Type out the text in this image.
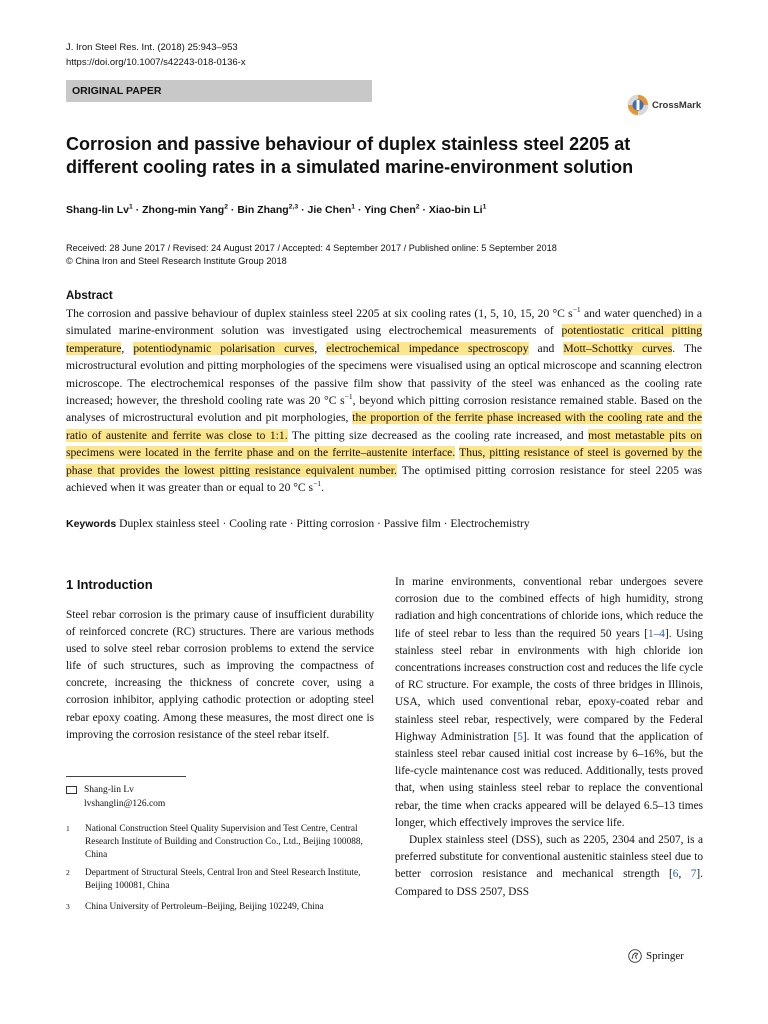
J. Iron Steel Res. Int. (2018) 25:943–953
https://doi.org/10.1007/s42243-018-0136-x
ORIGINAL PAPER
CrossMark
Corrosion and passive behaviour of duplex stainless steel 2205 at different cooling rates in a simulated marine-environment solution
Shang-lin $Lv^1$ · Zhong-min Yang$^2$ · Bin Zhang$^{2,3}$ · Jie Chen$^1$ · Ying Chen$^2$ · Xiao-bin Li$^1$
Received: 28 June 2017 / Revised: 24 August 2017 / Accepted: 4 September 2017 / Published online: 5 September 2018
© China Iron and Steel Research Institute Group 2018
Abstract

The corrosion and passive behaviour of duplex stainless steel 2205 at six cooling rates (1, 5, 10, 15, 20 °C $s^{-1}$ and water quenched) in a simulated marine-environment solution was investigated using electrochemical measurements of potentiostatic critical pitting temperature, potentiodynamic polarisation curves, electrochemical impedance spectroscopy and Mott–Schottky curves. The microstructural evolution and pitting morphologies of the specimens were visualised using an optical microscope and scanning electron microscope. The electrochemical responses of the passive film show that passivity of the steel was enhanced as the cooling rate increased; however, the threshold cooling rate was 20 °C $s^{-1}$, beyond which pitting corrosion resistance remained stable. Based on the analyses of microstructural evolution and pit morphologies, the proportion of the ferrite phase increased with the cooling rate and the ratio of austenite and ferrite was close to 1:1. The pitting size decreased as the cooling rate increased, and most metastable pits on specimens were located in the ferrite phase and on the ferrite–austenite interface. Thus, pitting resistance of steel is governed by the phase that provides the lowest pitting resistance equivalent number. The optimised pitting corrosion resistance for steel 2205 was achieved when it was greater than or equal to 20 °C $s^{-1}$.

Keywords Duplex stainless steel · Cooling rate · Pitting corrosion · Passive film · Electrochemistry
1 Introduction

Steel rebar corrosion is the primary cause of insufficient durability of reinforced concrete (RC) structures. There are various methods used to solve steel rebar corrosion problems to extend the service life of such structures, such as improving the compactness of concrete, increasing the thickness of concrete cover, using a corrosion inhibitor, applying cathodic protection or adopting steel rebar epoxy coating. Among these measures, the most direct one is improving the corrosion resistance of the steel rebar itself.

Shang-lin Lv
lvshanglin@126.com
1	National Construction Steel Quality Supervision and Test Centre, Central Research Institute of Building and Construction Co., Ltd., Beijing 100088, China
2	Department of Structural Steels, Central Iron and Steel Research Institute, Beijing 100081, China
3	China University of Pertroleum–Beijing, Beijing 102249, China

In marine environments, conventional rebar undergoes severe corrosion due to the combined effects of high humidity, strong radiation and high concentrations of chloride ions, which reduce the life of steel rebar to less than the required 50 years [1–4]. Using stainless steel rebar in environments with high chloride ion concentrations increases construction cost and reduces the life cycle of RC structure. For example, the costs of three bridges in Illinois, USA, which used conventional rebar, epoxy-coated rebar and stainless steel rebar, respectively, were compared by the Federal Highway Administration [5]. It was found that the application of stainless steel rebar caused initial cost increase by 6–16%, but the life-cycle maintenance cost was reduced. Additionally, tests proved that, when using stainless steel rebar to replace the conventional rebar, the time when cracks appeared will be delayed 6.5–13 times longer, which effectively improves the service life.
Duplex stainless steel (DSS), such as 2205, 2304 and 2507, is a preferred substitute for conventional austenitic stainless steel due to better corrosion resistance and mechanical strength [6, 7]. Compared to DSS 2507, DSS

Springer
